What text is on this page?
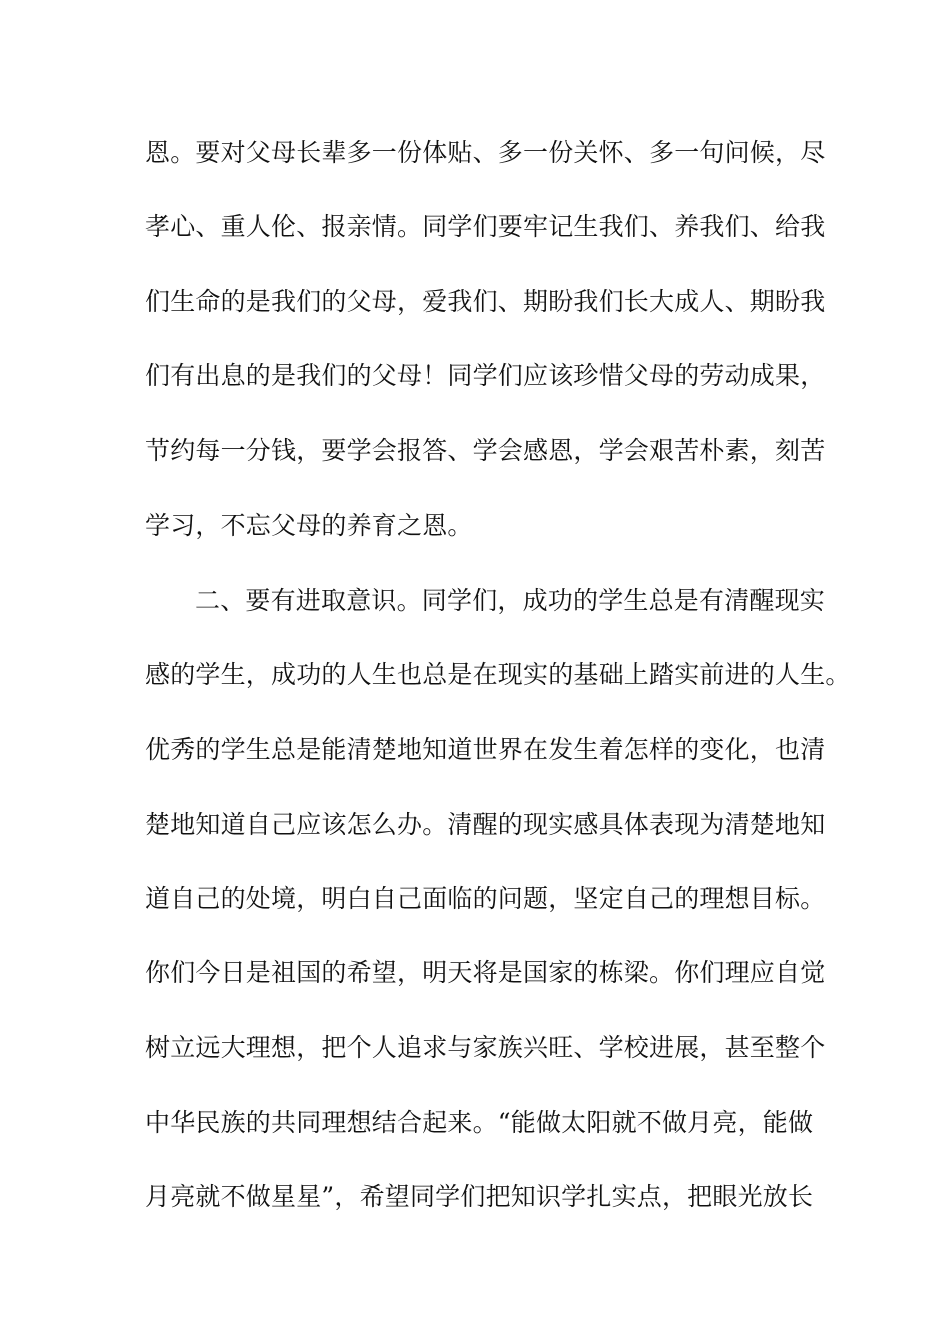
恩。要对父母长辈多一份体贴、多一份关怀、多一句问候，尽
孝心、重人伦、报亲情。同学们要牢记生我们、养我们、给我
们生命的是我们的父母，爱我们、期盼我们长大成人、期盼我
们有出息的是我们的父母！同学们应该珍惜父母的劳动成果，
节约每一分钱，要学会报答、学会感恩，学会艰苦朴素，刻苦
学习，不忘父母的养育之恩。
二、要有进取意识。同学们，成功的学生总是有清醒现实
感的学生，成功的人生也总是在现实的基础上踏实前进的人生。
优秀的学生总是能清楚地知道世界在发生着怎样的变化，也清
楚地知道自己应该怎么办。清醒的现实感具体表现为清楚地知
道自己的处境，明白自己面临的问题，坚定自己的理想目标。
你们今日是祖国的希望，明天将是国家的栋梁。你们理应自觉
树立远大理想，把个人追求与家族兴旺、学校进展，甚至整个
中华民族的共同理想结合起来。“能做太阳就不做月亮，能做
月亮就不做星星”，希望同学们把知识学扎实点，把眼光放长
